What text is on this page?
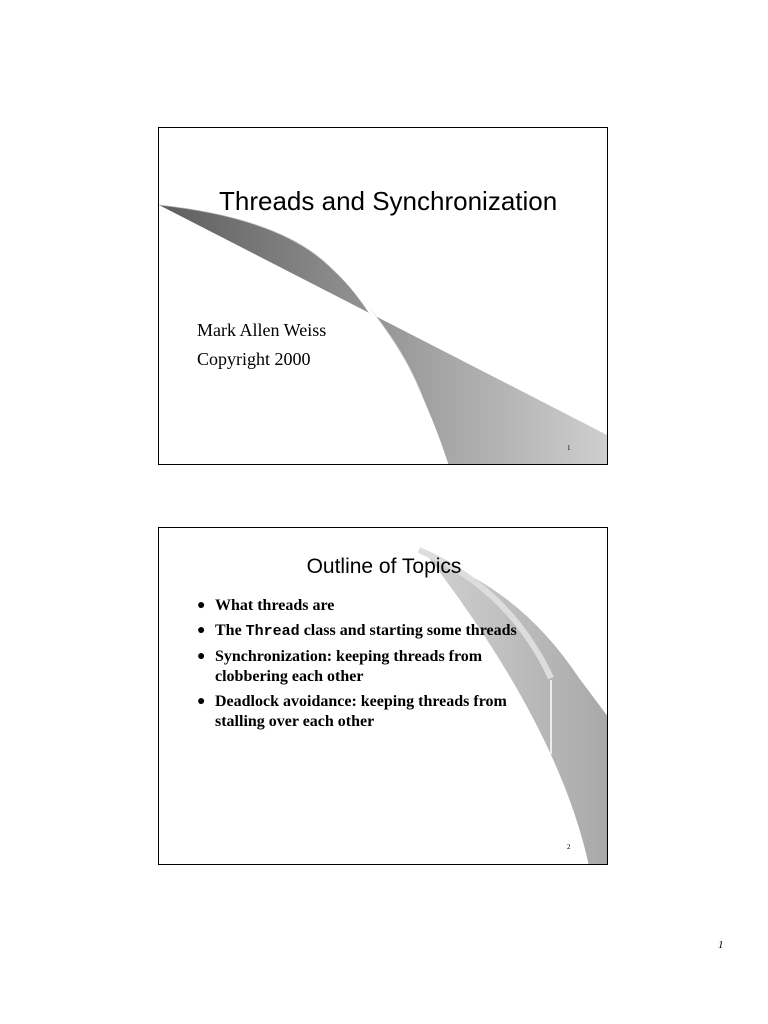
Threads and Synchronization
Mark Allen Weiss
Copyright 2000
1
Outline of Topics
● What threads are
● The Thread class and starting some threads
● Synchronization: keeping threads from clobbering each other
● Deadlock avoidance: keeping threads from stalling over each other
2
1
